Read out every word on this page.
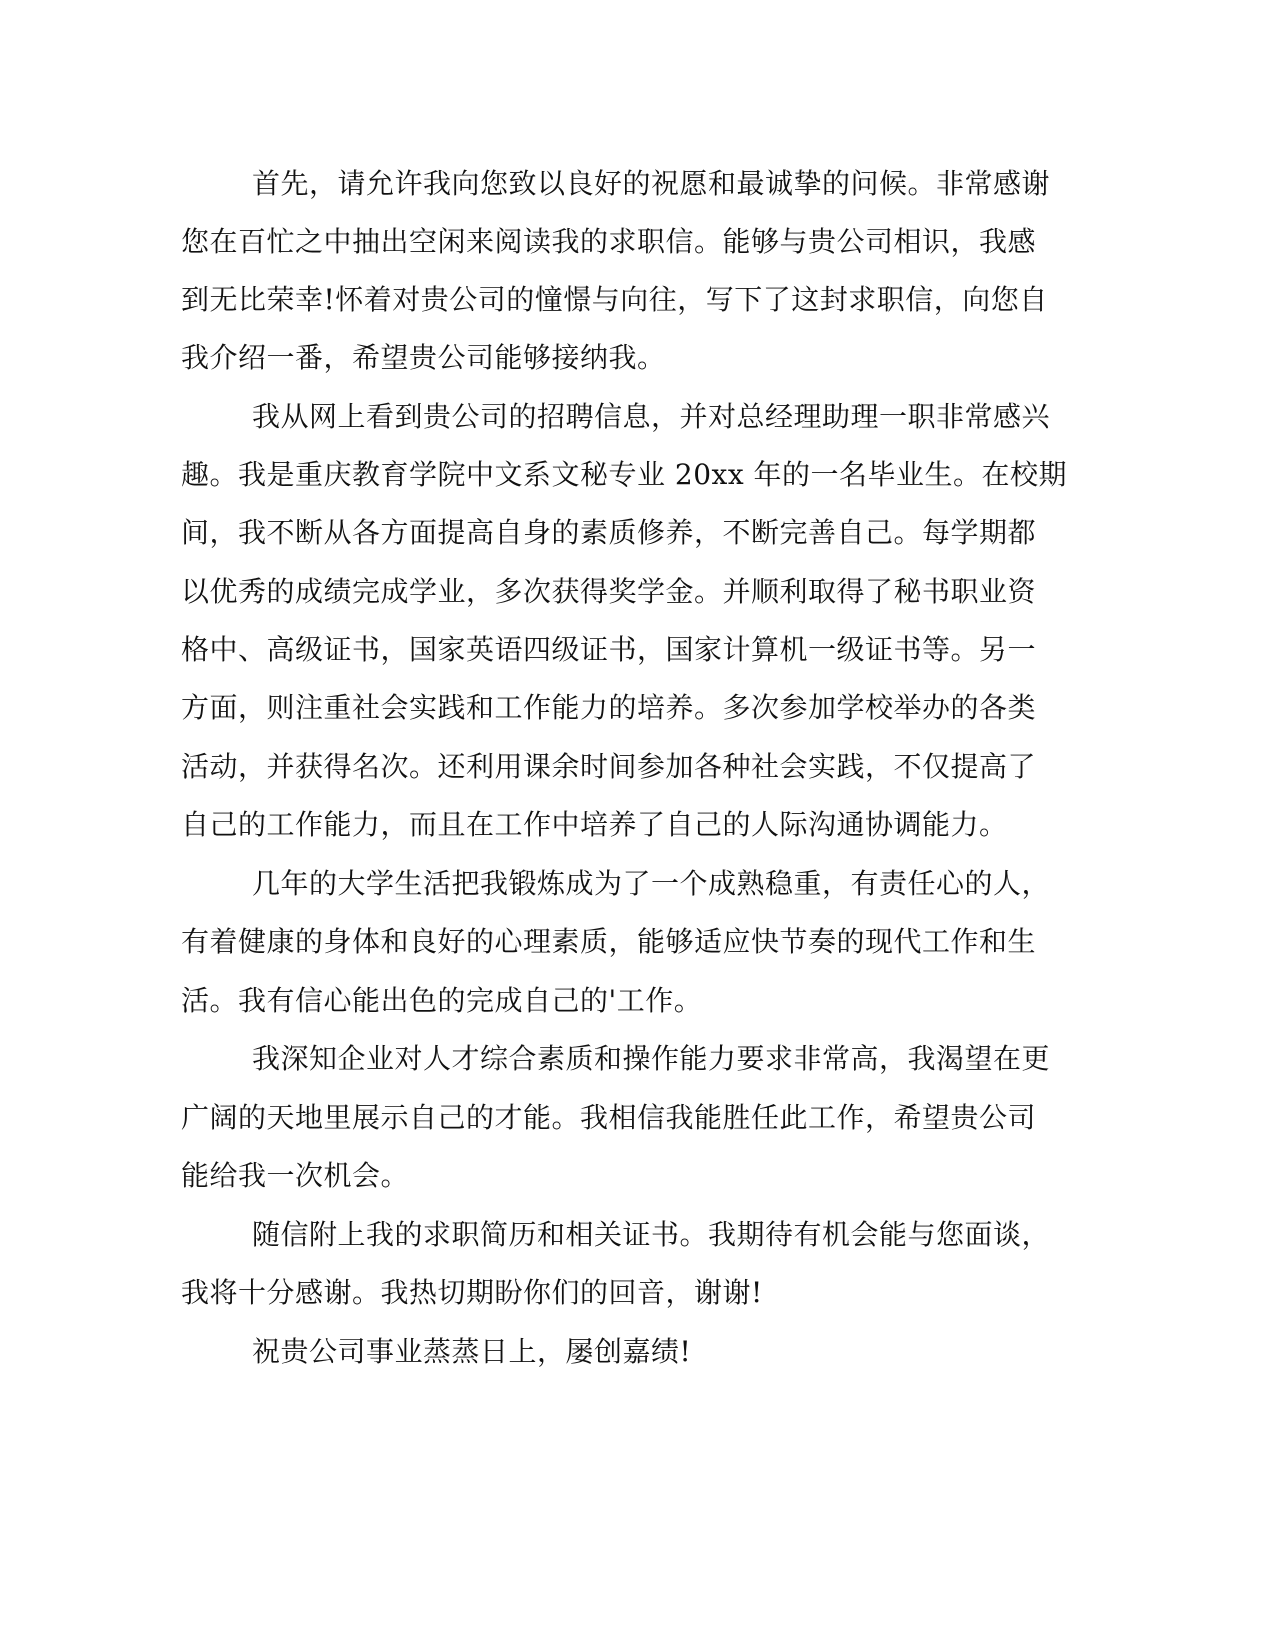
首先，请允许我向您致以良好的祝愿和最诚挚的问候。非常感谢
您在百忙之中抽出空闲来阅读我的求职信。能够与贵公司相识，我感
到无比荣幸!怀着对贵公司的憧憬与向往，写下了这封求职信，向您自
我介绍一番，希望贵公司能够接纳我。
我从网上看到贵公司的招聘信息，并对总经理助理一职非常感兴
趣。我是重庆教育学院中文系文秘专业 20xx 年的一名毕业生。在校期
间，我不断从各方面提高自身的素质修养，不断完善自己。每学期都
以优秀的成绩完成学业，多次获得奖学金。并顺利取得了秘书职业资
格中、高级证书，国家英语四级证书，国家计算机一级证书等。另一
方面，则注重社会实践和工作能力的培养。多次参加学校举办的各类
活动，并获得名次。还利用课余时间参加各种社会实践，不仅提高了
自己的工作能力，而且在工作中培养了自己的人际沟通协调能力。
几年的大学生活把我锻炼成为了一个成熟稳重，有责任心的人，
有着健康的身体和良好的心理素质，能够适应快节奏的现代工作和生
活。我有信心能出色的完成自己的'工作。
我深知企业对人才综合素质和操作能力要求非常高，我渴望在更
广阔的天地里展示自己的才能。我相信我能胜任此工作，希望贵公司
能给我一次机会。
随信附上我的求职简历和相关证书。我期待有机会能与您面谈，
我将十分感谢。我热切期盼你们的回音，谢谢!
祝贵公司事业蒸蒸日上，屡创嘉绩!
